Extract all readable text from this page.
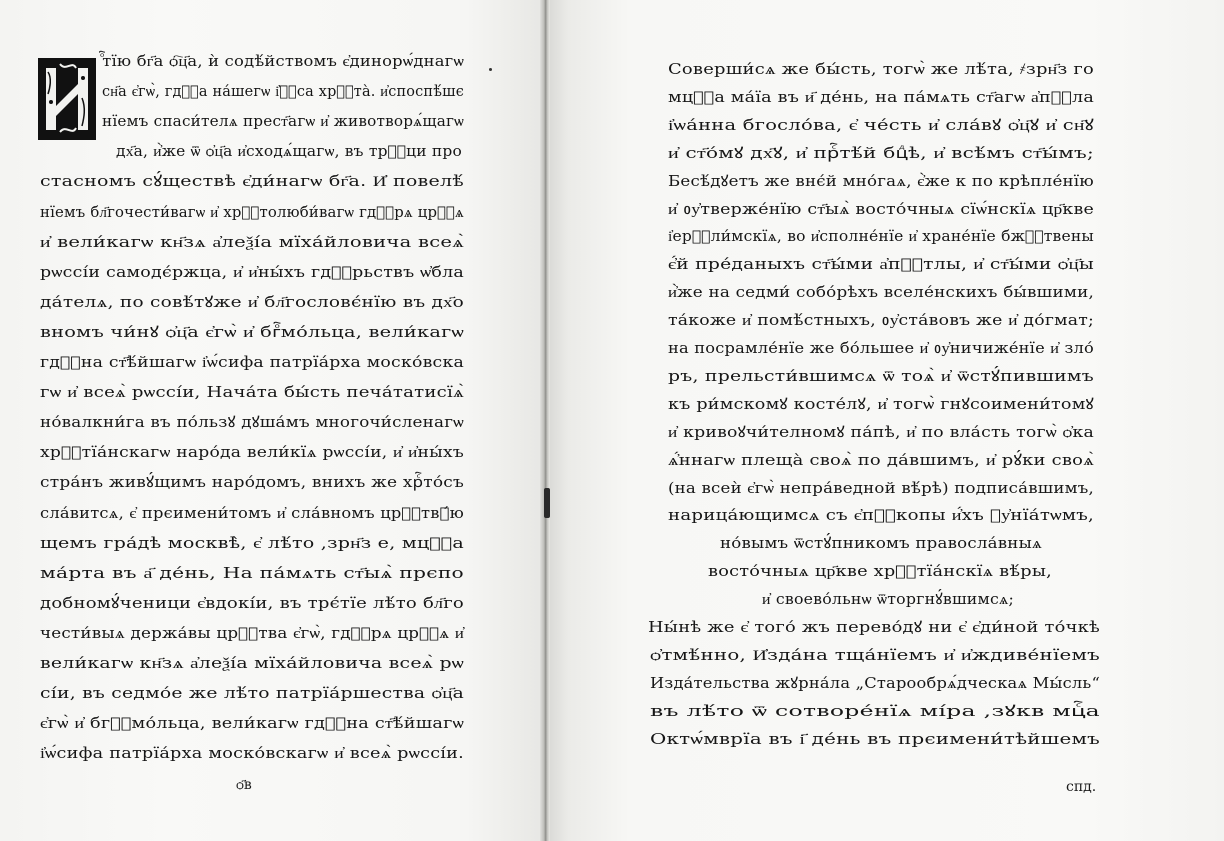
ⷪ҇тїю бг҃а ѻ҇ц҃а, ѝ содѣ́йствомъ є҆динорѡ́днагѡ

сн҃а є҆гѡ̀, гдⷭ҇а на́шегѡ і҆ꙋ҃са хрⷭ҇та̀. и҆споспѣ́шє

нїемъ спаси́телѧ прест҃агѡ и҆ животворѧ́щагѡ

дх҃а, и҆̀же ѿ ѻ҆ц҃а и҆сходѧ́щагѡ, въ трⷪ҇ци про

стасномъ сꙋ́ществѣ є҆ди́нагѡ бг҃а. И҆ повелѣ́

нїемъ бл҃гочести́вагѡ и҆ хрⷭ҇толюби́вагѡ гдⷭ҇рѧ црⷭ҇ѧ

и҆ вели́кагѡ кн҃зѧ а҆леѯі́а мїха́йловича всеѧ̀

рѡссі́и самодє́ржца, и҆ и҆ны́хъ гдⷭ҇рьствъ ѡ҆бла

да́телѧ, по совѣ́тꙋже и҆ бл҃гословє́нїю въ дх҃о

вномъ чи́нꙋ ѻ҆ц҃а є҆гѡ̀ и҆ бгⷪ҇мо́льца, вели́кагѡ

гдⷭ҇на ст҃ѣ́йшагѡ і҆ѡ́сифа патрїа́рха моско́вска

гѡ и҆ всеѧ̀ рѡссі́и, Нача́та бы́сть печа́татисїѧ̀

но́валкни́га въ по́льзꙋ дꙋша́мъ многочи́сленагѡ

хрⷭ҇тїа́нскагѡ наро́да вели́кїѧ рѡссі́и, и҆ и҆ны́хъ

стра́нъ живꙋ́щимъ наро́домъ, внихъ же хрⷭ҇то́съ

сла́витсѧ, є҆ прєимени́томъ и҆ сла́вномъ црⷭ҇твꙋ́ю

щемъ гра́дѣ москвѣ̀, є҆ лѣ́то ,зрн҃з е, мцⷭ҇а

ма́рта въ а҃ де́нь, На па́мѧть ст҃ыѧ̀ прєпо

добномꙋ́ченици є҆вдокі́и, въ трє́тїе лѣ́то бл҃го

чести́выѧ держа́вы црⷭ҇тва є҆гѡ̀, гдⷭ҇рѧ црⷭ҇ѧ и҆

вели́кагѡ кн҃зѧ а҆леѯі́а мїха́йловича всеѧ̀ рѡ

сі́и, въ седмо́е же лѣ́то патрїа́ршества ѻ҆ц҃а

є҆гѡ̀ и҆ бгⷪ҇мо́льца, вели́кагѡ гдⷭ҇на ст҃ѣ́йшагѡ

і҆ѡ́сифа патрїа́рха моско́вскагѡ и҆ всеѧ̀ рѡссі́и.

ѻ҃в

Соверши́сѧ же бы́сть, тогѡ̀ же лѣ́та, ҂зрн҃з го

мцⷭ҇а ма́їа въ и҃ де́нь, на па́мѧть ст҃агѡ а҆пⷭ҇ла

і҆ѡа́нна бгосло́ва, є҆ че́сть и҆ сла́вꙋ ѻ҆ц҃ꙋ и҆ сн҃ꙋ

и҆ ст҃о́мꙋ дх҃ꙋ, и҆ прⷭ҇тѣ́й бцⷣѣ, и҆ всѣ́мъ ст҃ы́мъ;

Бесѣ́дꙋетъ же внє́й мно́гаѧ, є҆̀же к по крѣпле́нїю

и҆ ᲂу҆тверже́нїю ст҃ыѧ̀ восто́чныѧ сїѡ́нскїѧ цр҃кве

і҆ерⷭ҇ли́мскїѧ, во и҆сполне́нїе и҆ хране́нїе бжⷭ҇твены

є҆́й пре́даныхъ ст҃ы́ми а҆пⷭ҇тлы, и҆ ст҃ы́ми ѻ҆ц҃ы

и҆̀же на седми́ собо́рѣхъ вселе́нскихъ бы́вшими,

та́коже и҆ помѣ́стныхъ, ᲂу҆ста́вовъ же и҆ до́гмат;

на посрамле́нїе же бо́льшее и҆ ᲂу҆ничиже́нїе и҆ зло́

ръ, прельсти́вшимсѧ ѿ тоѧ̀ и҆ ѿстꙋ́пившимъ

къ ри́мскомꙋ косте́лꙋ, и҆ тогѡ̀ гнꙋсоимени́томꙋ

и҆ кривоꙋчи́телномꙋ па́пѣ, и҆ по вла́сть тогѡ̀ ѻ҆ка

ѧ҆́ннагѡ плеща̀ своѧ̀ по да́вшимъ, и҆ рꙋ́ки своѧ̀

(на всеѝ є҆гѡ̀ непра́ведной вѣ́рѣ) подписа́вшимъ,

нарица́ющимсѧ съ є҆пⷭ҇копы и҆́хъ ᲂу҆нїа́тѡмъ,

но́вымъ ѿстꙋ́пникомъ правосла́вныѧ

восто́чныѧ цр҃кве хрⷭ҇тїа́нскїѧ вѣ́ры,

и҆ своево́льнѡ ѿторгнꙋ́вшимсѧ;

Ны́нѣ же є҆ того́ жъ перево́дꙋ ни є҆ є҆ди́ной то́чкѣ

ѻ҆тмѣ́нно, И҆зда́на тща́нїемъ и҆ и҆ждиве́нїемъ

Изда́тельства жꙋрна́ла „Старообрѧ́дческаѧ Мы́сль“

въ лѣ́то ѿ сотворе́нїѧ мі́ра ,зꙋкв мцⷭ҇а

Октѡ́мврїа въ і҃ де́нь въ прєимени́тѣйшемъ

спд.
